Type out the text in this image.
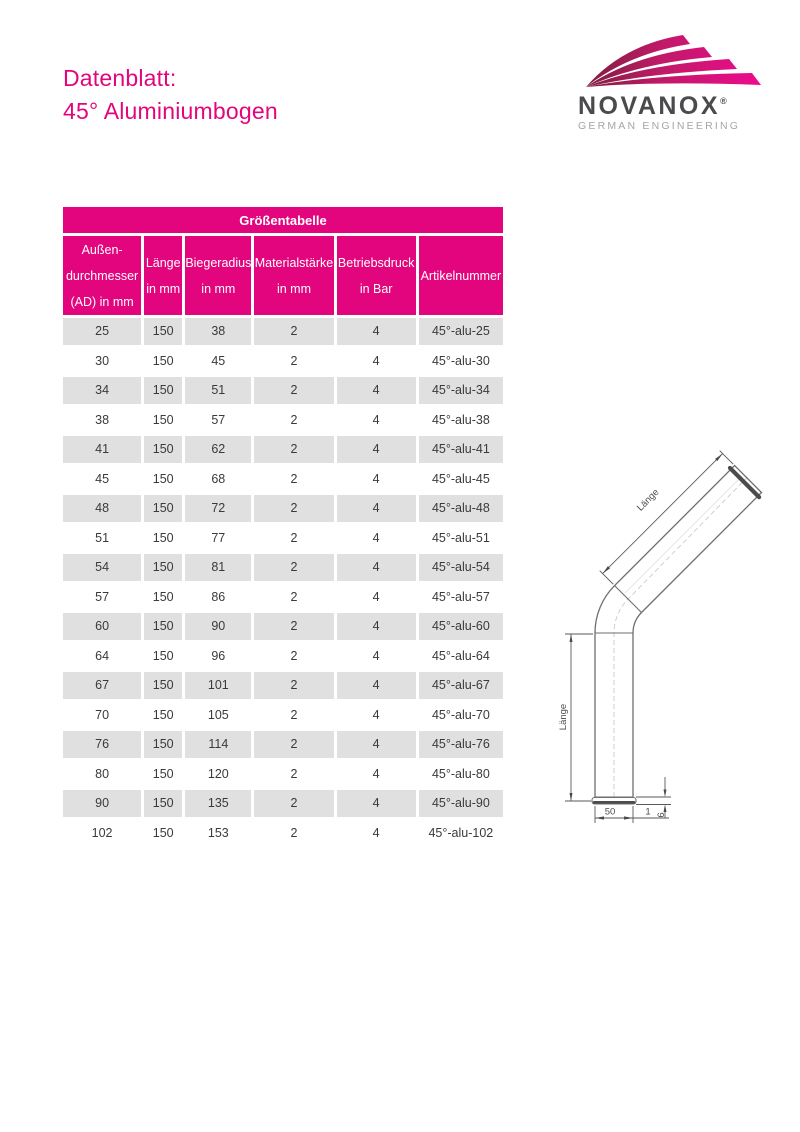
Datenblatt:
45° Aluminiumbogen	NOVANOX®
GERMAN ENGINEERING
Größentabelle					

Außen-
durchmesser
(AD) in mm	Länge
in mm	Biegeradius
in mm	Materialstärke
in mm	Betriebsdruck
in Bar	Artikelnummer

25	150	38	2	4	45°-alu-25
30	150	45	2	4	45°-alu-30
34	150	51	2	4	45°-alu-34
38	150	57	2	4	45°-alu-38
41	150	62	2	4	45°-alu-41
45	150	68	2	4	45°-alu-45
48	150	72	2	4	45°-alu-48
51	150	77	2	4	45°-alu-51
54	150	81	2	4	45°-alu-54
57	150	86	2	4	45°-alu-57
60	150	90	2	4	45°-alu-60
64	150	96	2	4	45°-alu-64
67	150	101	2	4	45°-alu-67
70	150	105	2	4	45°-alu-70
76	150	114	2	4	45°-alu-76
80	150	120	2	4	45°-alu-80
90	150	135	2	4	45°-alu-90
102	150	153	2	4	45°-alu-102
Länge
Länge
50	1 6
